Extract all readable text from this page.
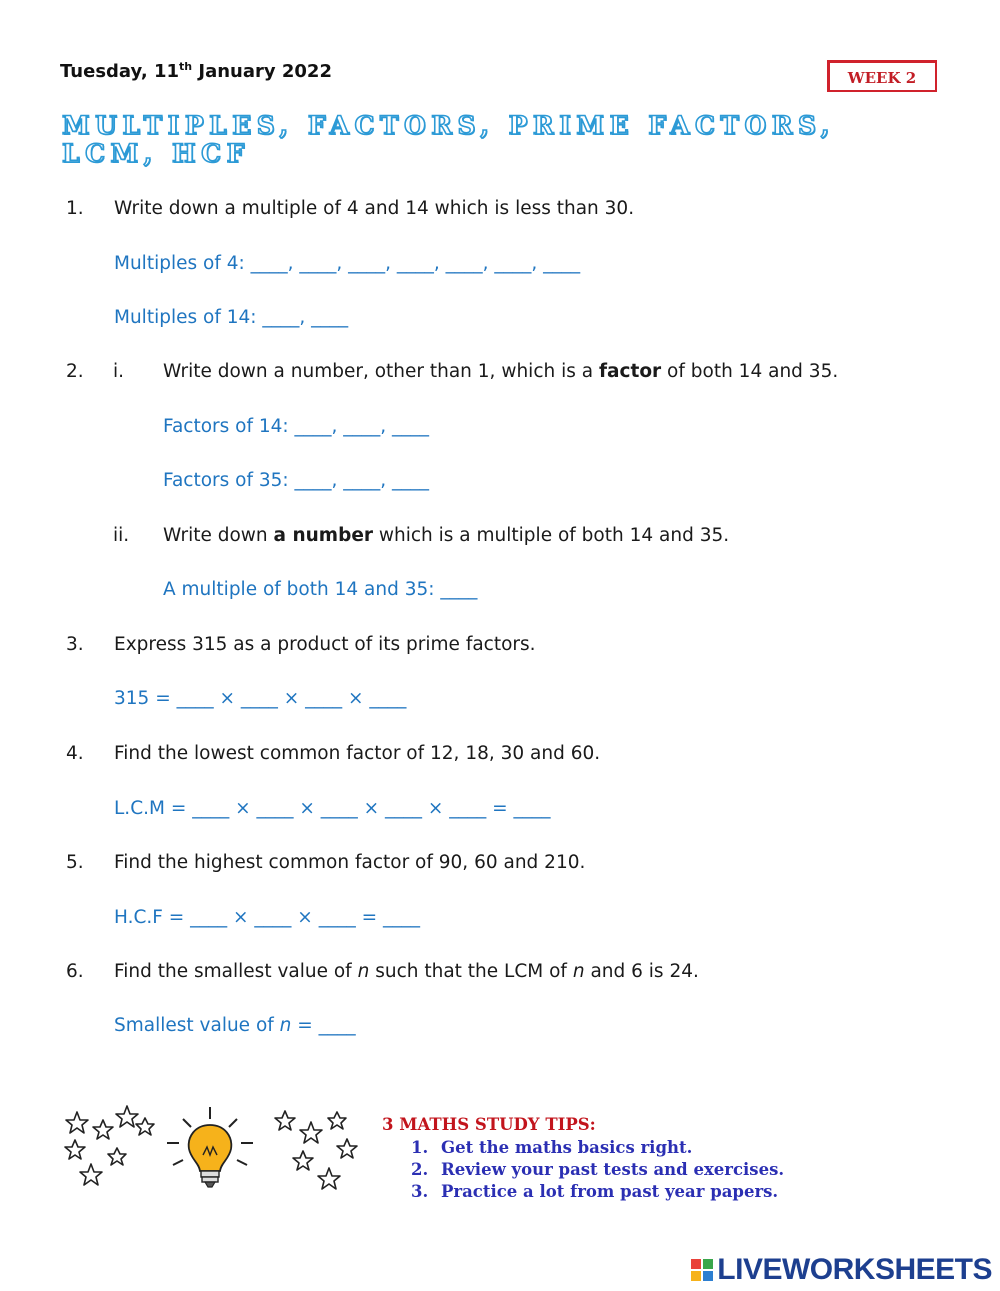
Tuesday, 11th January 2022	WEEK 2
MULTIPLES, FACTORS, PRIME FACTORS, LCM, HCF
1. Write down a multiple of 4 and 14 which is less than 30.
Multiples of 4: ____, ____, ____, ____, ____, ____, ____
Multiples of 14: ____, ____
2. i. Write down a number, other than 1, which is a factor of both 14 and 35.
Factors of 14: ____, ____, ____
Factors of 35: ____, ____, ____
ii. Write down a number which is a multiple of both 14 and 35.
A multiple of both 14 and 35: ____
3. Express 315 as a product of its prime factors.
315 = ____ × ____ × ____ × ____
4. Find the lowest common factor of 12, 18, 30 and 60.
L.C.M = ____ × ____ × ____ × ____ × ____ = ____
5. Find the highest common factor of 90, 60 and 210.
H.C.F = ____ × ____ × ____ = ____
6. Find the smallest value of n such that the LCM of n and 6 is 24.
Smallest value of n = ____
3 MATHS STUDY TIPS:
1. Get the maths basics right.
2. Review your past tests and exercises.
3. Practice a lot from past year papers.
LIVEWORKSHEETS
